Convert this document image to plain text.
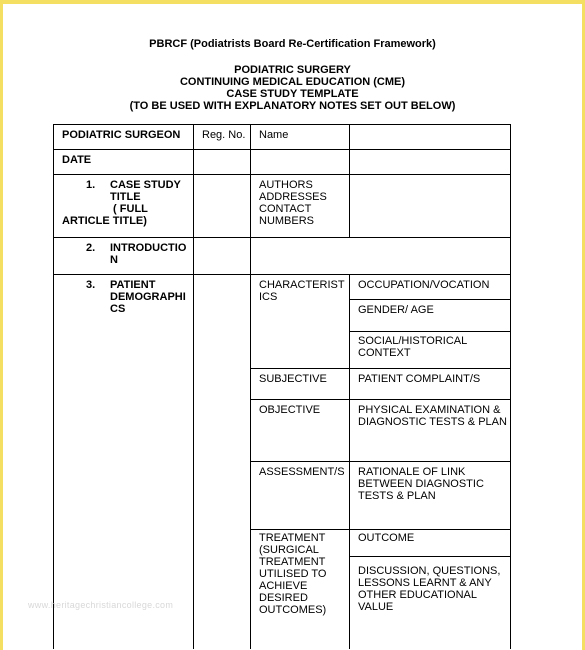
PBRCF (Podiatrists Board Re-Certification Framework)
PODIATRIC SURGERY
CONTINUING MEDICAL EDUCATION (CME)
CASE STUDY TEMPLATE
(TO BE USED WITH EXPLANATORY NOTES SET OUT BELOW)
PODIATRIC SURGEON Reg. No. Name
DATE
1. CASE STUDY
TITLE
( FULL
ARTICLE TITLE)
AUTHORS
ADDRESSES
CONTACT
NUMBERS
2. INTRODUCTIO
N
3. PATIENT
DEMOGRAPHI
CS
CHARACTERIST
ICS
OCCUPATION/VOCATION
GENDER/ AGE
SOCIAL/HISTORICAL
CONTEXT
SUBJECTIVE	PATIENT COMPLAINT/S
OBJECTIVE	PHYSICAL EXAMINATION &
DIAGNOSTIC TESTS & PLAN
ASSESSMENT/S RATIONALE OF LINK
BETWEEN DIAGNOSTIC
TESTS & PLAN
TREATMENT
(SURGICAL
TREATMENT
UTILISED TO
ACHIEVE
DESIRED
OUTCOMES)
OUTCOME
DISCUSSION, QUESTIONS,
LESSONS LEARNT & ANY
OTHER EDUCATIONAL
VALUE
www.heritagechristiancollege.com
